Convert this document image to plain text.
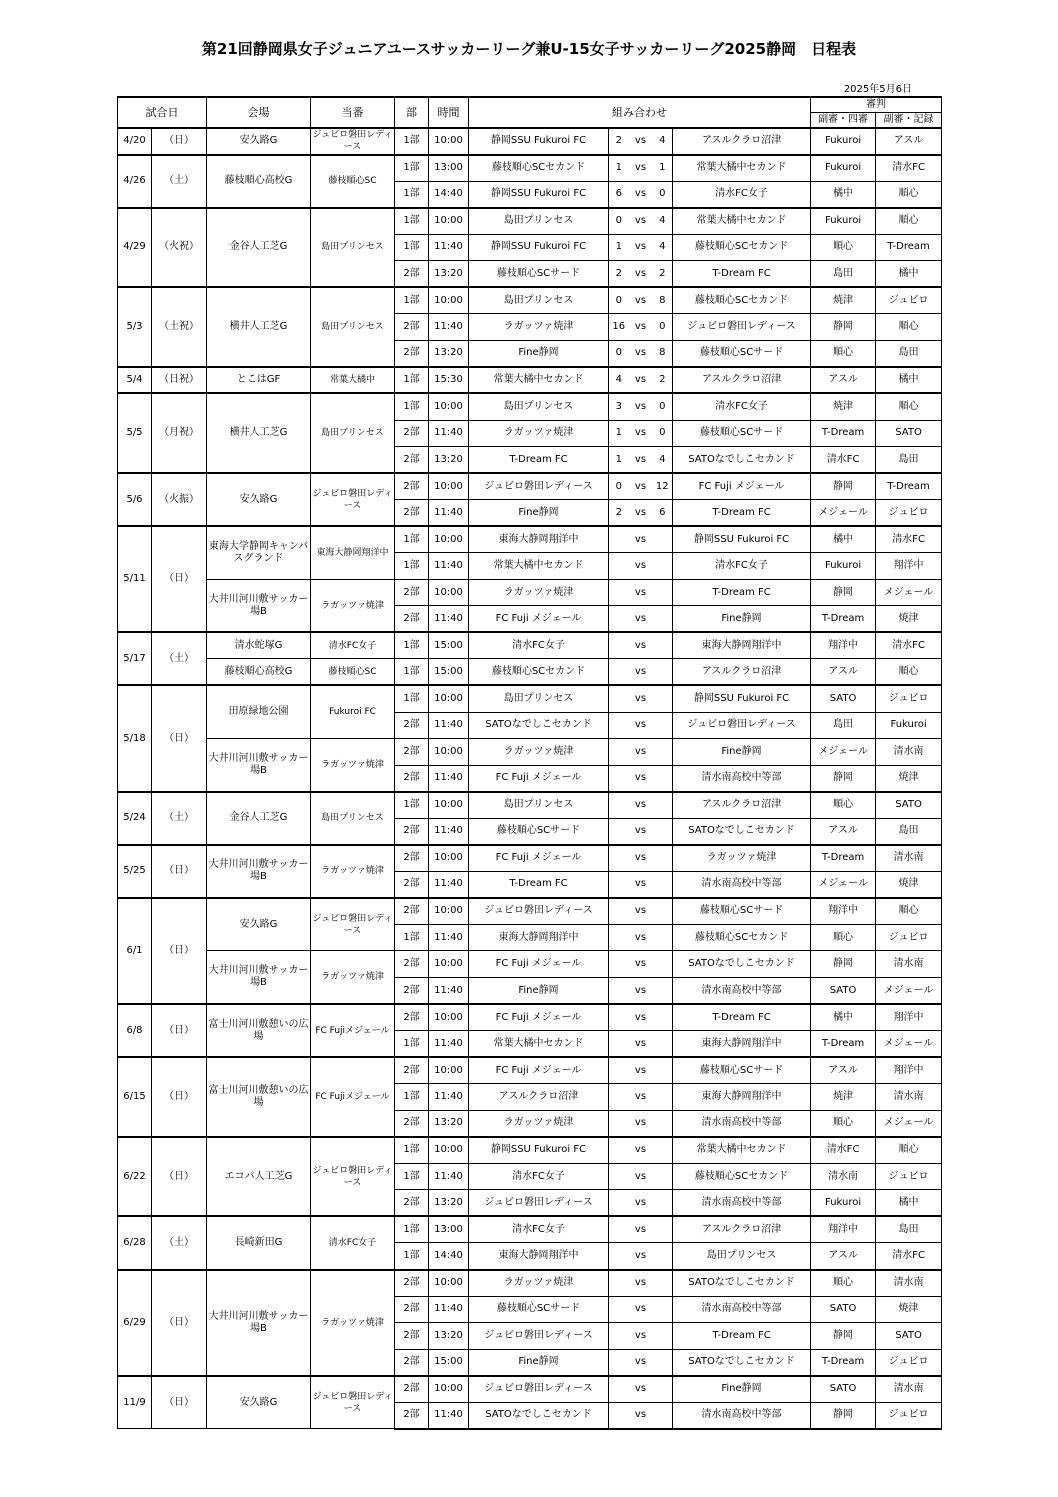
第21回静岡県女子ジュニアユースサッカーリーグ兼U-15女子サッカーリーグ2025静岡　日程表
2025年5月6日
試合日		会場	当番	部	時間	組み合わせ					審判	
											副審・四審	副審・記録
4/20	（日）	安久路G	ジュビロ磐田レディース	1部	10:00	静岡SSU Fukuroi FC	2	vs	4	アスルクラロ沼津	Fukuroi	アスル
4/26	（土）	藤枝順心高校G	藤枝順心SC	1部	13:00	藤枝順心SCセカンド	1	vs	1	常葉大橘中セカンド	Fukuroi	清水FC
				1部	14:40	静岡SSU Fukuroi FC	6	vs	0	清水FC女子	橘中	順心
4/29	（火祝）	金谷人工芝G	島田プリンセス	1部	10:00	島田プリンセス	0	vs	4	常葉大橘中セカンド	Fukuroi	順心
				1部	11:40	静岡SSU Fukuroi FC	1	vs	4	藤枝順心SCセカンド	順心	T-Dream
				2部	13:20	藤枝順心SCサード	2	vs	2	T-Dream FC	島田	橘中
5/3	（土祝）	横井人工芝G	島田プリンセス	1部	10:00	島田プリンセス	0	vs	8	藤枝順心SCセカンド	焼津	ジュビロ
				2部	11:40	ラガッツァ焼津	16	vs	0	ジュビロ磐田レディース	静岡	順心
				2部	13:20	Fine静岡	0	vs	8	藤枝順心SCサード	順心	島田
5/4	（日祝）	とこはGF	常葉大橘中	1部	15:30	常葉大橘中セカンド	4	vs	2	アスルクラロ沼津	アスル	橘中
5/5	（月祝）	横井人工芝G	島田プリンセス	1部	10:00	島田プリンセス	3	vs	0	清水FC女子	焼津	順心
				2部	11:40	ラガッツァ焼津	1	vs	0	藤枝順心SCサード	T-Dream	SATO
				2部	13:20	T-Dream FC	1	vs	4	SATOなでしこセカンド	清水FC	島田
5/6	（火振）	安久路G	ジュビロ磐田レディース	2部	10:00	ジュビロ磐田レディース	0	vs	12	FC Fuji メジェール	静岡	T-Dream
				2部	11:40	Fine静岡	2	vs	6	T-Dream FC	メジェール	ジュビロ
5/11	（日）	東海大学静岡キャンパスグランド	東海大静岡翔洋中	1部	10:00	東海大静岡翔洋中		vs		静岡SSU Fukuroi FC	橘中	清水FC
				1部	11:40	常葉大橘中セカンド		vs		清水FC女子	Fukuroi	翔洋中
		大井川河川敷サッカー場B	ラガッツァ焼津	2部	10:00	ラガッツァ焼津		vs		T-Dream FC	静岡	メジェール
				2部	11:40	FC Fuji メジェール		vs		Fine静岡	T-Dream	焼津
5/17	（土）	清水蛇塚G	清水FC女子	1部	15:00	清水FC女子		vs		東海大静岡翔洋中	翔洋中	清水FC
		藤枝順心高校G	藤枝順心SC	1部	15:00	藤枝順心SCセカンド		vs		アスルクラロ沼津	アスル	順心
5/18	（日）	田原緑地公園	Fukuroi FC	1部	10:00	島田プリンセス		vs		静岡SSU Fukuroi FC	SATO	ジュビロ
				2部	11:40	SATOなでしこセカンド		vs		ジュビロ磐田レディース	島田	Fukuroi
		大井川河川敷サッカー場B	ラガッツァ焼津	2部	10:00	ラガッツァ焼津		vs		Fine静岡	メジェール	清水南
				2部	11:40	FC Fuji メジェール		vs		清水南高校中等部	静岡	焼津
5/24	（土）	金谷人工芝G	島田プリンセス	1部	10:00	島田プリンセス		vs		アスルクラロ沼津	順心	SATO
				2部	11:40	藤枝順心SCサード		vs		SATOなでしこセカンド	アスル	島田
5/25	（日）	大井川河川敷サッカー場B	ラガッツァ焼津	2部	10:00	FC Fuji メジェール		vs		ラガッツァ焼津	T-Dream	清水南
				2部	11:40	T-Dream FC		vs		清水南高校中等部	メジェール	焼津
6/1	（日）	安久路G	ジュビロ磐田レディース	2部	10:00	ジュビロ磐田レディース		vs		藤枝順心SCサード	翔洋中	順心
				1部	11:40	東海大静岡翔洋中		vs		藤枝順心SCセカンド	順心	ジュビロ
		大井川河川敷サッカー場B	ラガッツァ焼津	2部	10:00	FC Fuji メジェール		vs		SATOなでしこセカンド	静岡	清水南
				2部	11:40	Fine静岡		vs		清水南高校中等部	SATO	メジェール
6/8	（日）	富士川河川敷憩いの広場	FC Fujiメジェール	2部	10:00	FC Fuji メジェール		vs		T-Dream FC	橘中	翔洋中
				1部	11:40	常葉大橘中セカンド		vs		東海大静岡翔洋中	T-Dream	メジェール
6/15	（日）	富士川河川敷憩いの広場	FC Fujiメジェール	2部	10:00	FC Fuji メジェール		vs		藤枝順心SCサード	アスル	翔洋中
				1部	11:40	アスルクラロ沼津		vs		東海大静岡翔洋中	焼津	清水南
				2部	13:20	ラガッツァ焼津		vs		清水南高校中等部	順心	メジェール
6/22	（日）	エコパ人工芝G	ジュビロ磐田レディース	1部	10:00	静岡SSU Fukuroi FC		vs		常葉大橘中セカンド	清水FC	順心
				1部	11:40	清水FC女子		vs		藤枝順心SCセカンド	清水南	ジュビロ
				2部	13:20	ジュビロ磐田レディース		vs		清水南高校中等部	Fukuroi	橘中
6/28	（土）	長崎新田G	清水FC女子	1部	13:00	清水FC女子		vs		アスルクラロ沼津	翔洋中	島田
				1部	14:40	東海大静岡翔洋中		vs		島田プリンセス	アスル	清水FC
6/29	（日）	大井川河川敷サッカー場B	ラガッツァ焼津	2部	10:00	ラガッツァ焼津		vs		SATOなでしこセカンド	順心	清水南
				2部	11:40	藤枝順心SCサード		vs		清水南高校中等部	SATO	焼津
				2部	13:20	ジュビロ磐田レディース		vs		T-Dream FC	静岡	SATO
				2部	15:00	Fine静岡		vs		SATOなでしこセカンド	T-Dream	ジュビロ
11/9	（日）	安久路G	ジュビロ磐田レディース	2部	10:00	ジュビロ磐田レディース		vs		Fine静岡	SATO	清水南
				2部	11:40	SATOなでしこセカンド		vs		清水南高校中等部	静岡	ジュビロ
